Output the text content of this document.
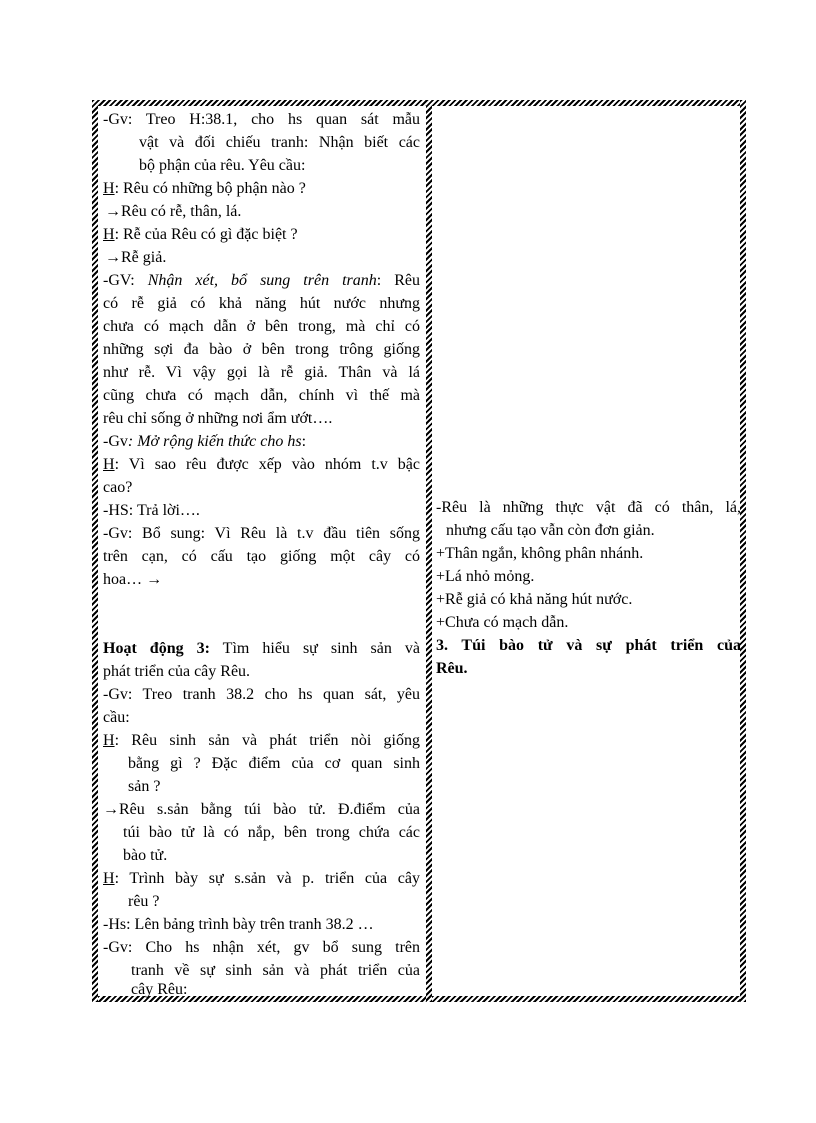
-Gv: Treo H:38.1, cho hs quan sát mẫu
vật và đối chiếu tranh: Nhận biết các
bộ phận của rêu. Yêu cầu:
H: Rêu có những bộ phận nào ?
→Rêu có rễ, thân, lá.
H: Rễ của Rêu có gì đặc biệt ?
→Rễ giả.
-GV: Nhận xét, bổ sung trên tranh: Rêu
có rễ giả có khả năng hút nước nhưng
chưa có mạch dẫn ở bên trong, mà chỉ có
những sợi đa bào ở bên trong trông giống
như rễ. Vì vậy gọi là rễ giả. Thân và lá
cũng chưa có mạch dẫn, chính vì thế mà
rêu chỉ sống ở những nơi ẩm ướt….
-Gv: Mở rộng kiến thức cho hs:
H: Vì sao rêu được xếp vào nhóm t.v bậc
cao?
-HS: Trả lời….
-Gv: Bổ sung: Vì Rêu là t.v đầu tiên sống
trên cạn, có cấu tạo giống một cây có
hoa… →
Hoạt động 3: Tìm hiểu sự sinh sản và
phát triển của cây Rêu.
-Gv: Treo tranh 38.2 cho hs quan sát, yêu
cầu:
H: Rêu sinh sản và phát triển nòi giống
bằng gì ? Đặc điểm của cơ quan sinh
sản ?
→Rêu s.sản bằng túi bào tử. Đ.điểm của
túi bào tử là có nắp, bên trong chứa các
bào tử.
H: Trình bày sự s.sản và p. triển của cây
rêu ?
-Hs: Lên bảng trình bày trên tranh 38.2 …
-Gv: Cho hs nhận xét, gv bổ sung trên
tranh về sự sinh sản và phát triển của
cây Rêu:
-Rêu là những thực vật đã có thân, lá,
nhưng cấu tạo vẫn còn đơn giản.
+Thân ngắn, không phân nhánh.
+Lá nhỏ mỏng.
+Rễ giả có khả năng hút nước.
+Chưa có mạch dẫn.
3. Túi bào tử và sự phát triển của
Rêu.
